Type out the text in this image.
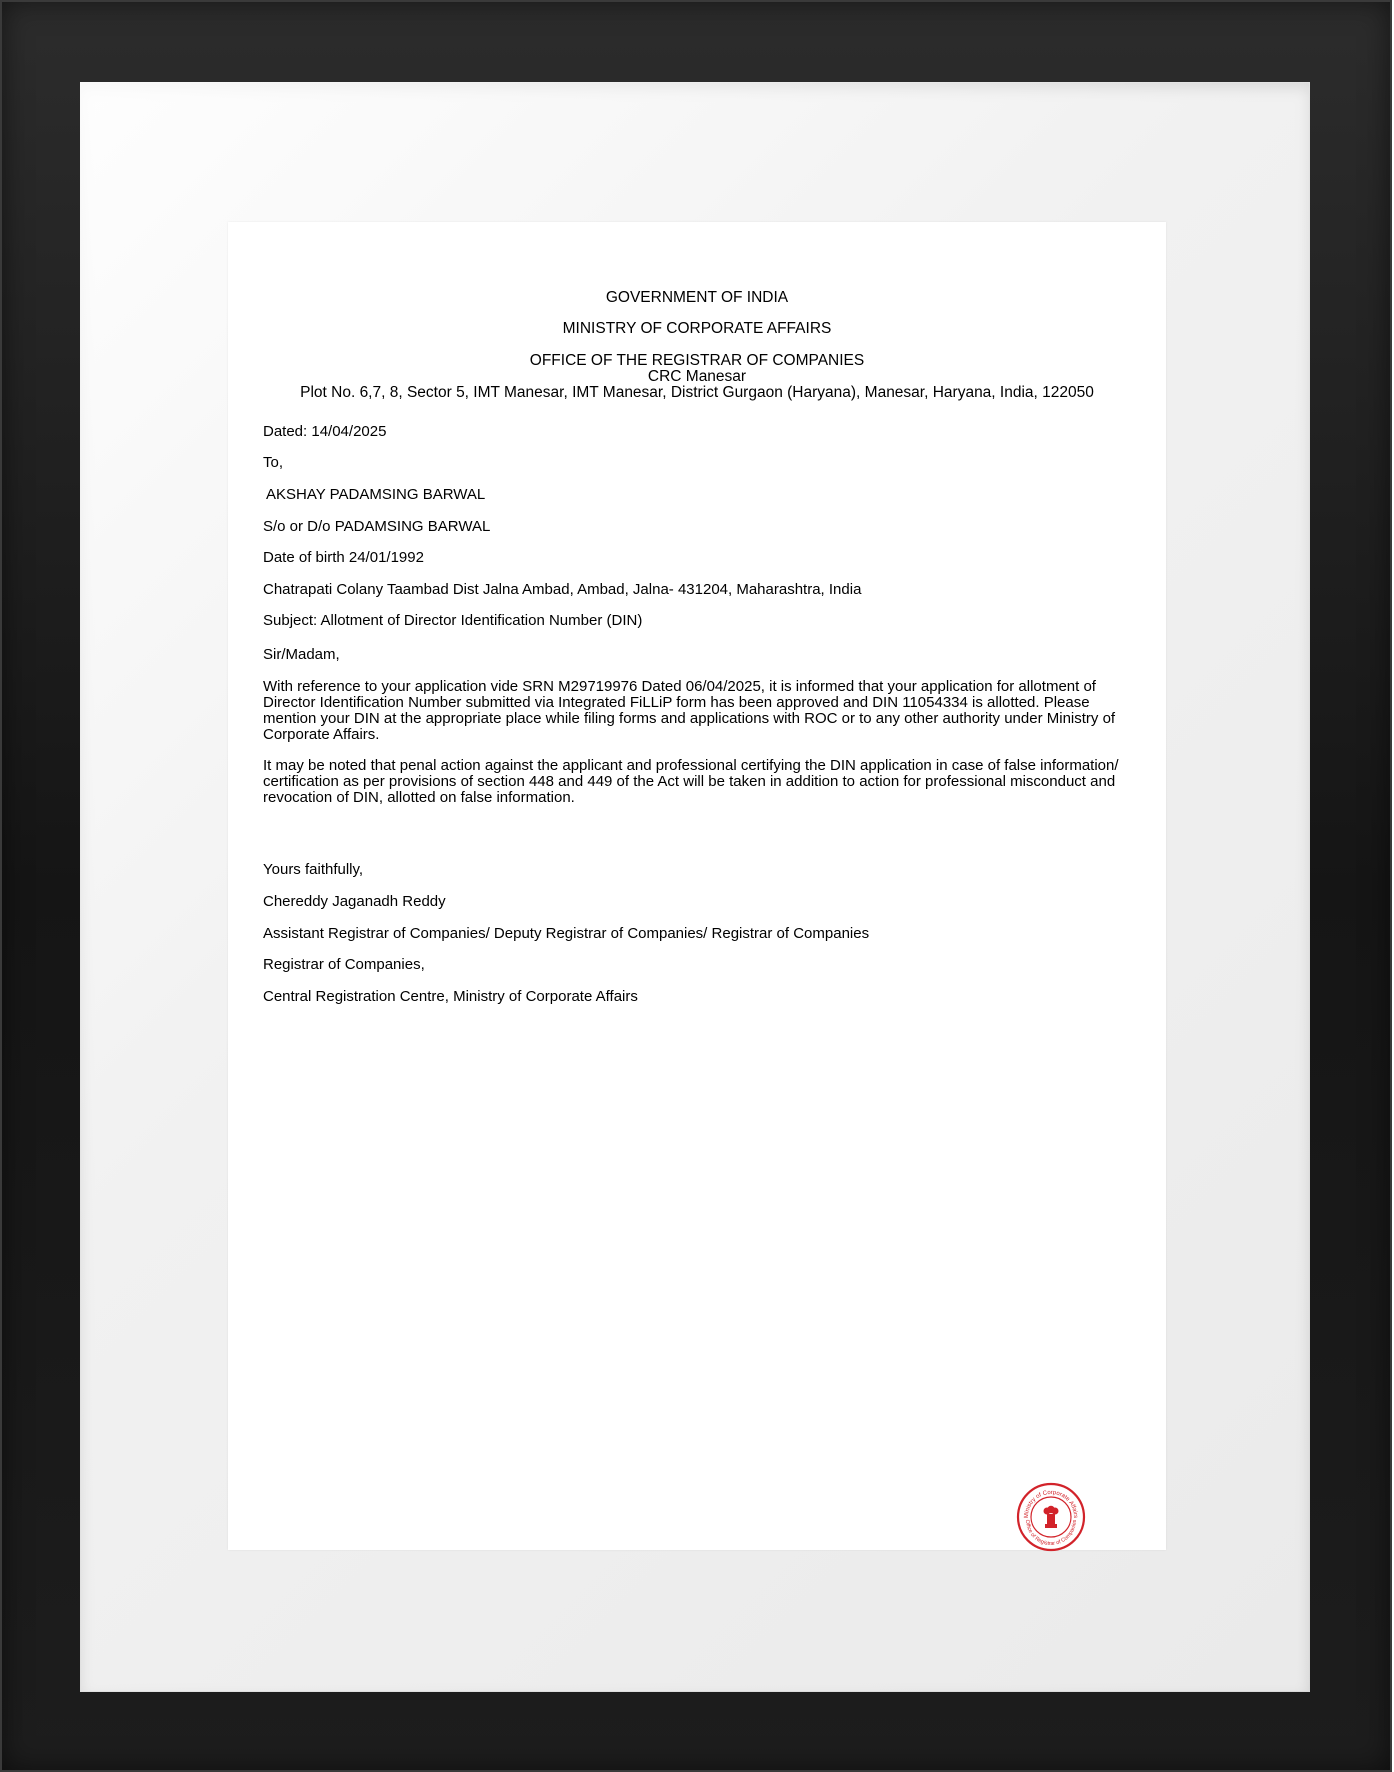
GOVERNMENT OF INDIA
MINISTRY OF CORPORATE AFFAIRS
OFFICE OF THE REGISTRAR OF COMPANIES
CRC Manesar
Plot No. 6,7, 8, Sector 5, IMT Manesar, IMT Manesar, District Gurgaon (Haryana), Manesar, Haryana, India, 122050
Dated: 14/04/2025
To,
AKSHAY PADAMSING BARWAL
S/o or D/o PADAMSING BARWAL
Date of birth 24/01/1992
Chatrapati Colany Taambad Dist Jalna Ambad, Ambad, Jalna- 431204, Maharashtra, India
Subject: Allotment of Director Identification Number (DIN)
Sir/Madam,
With reference to your application vide SRN M29719976 Dated 06/04/2025, it is informed that your application for allotment of Director Identification Number submitted via Integrated FiLLiP form has been approved and DIN 11054334 is allotted. Please mention your DIN at the appropriate place while filing forms and applications with ROC or to any other authority under Ministry of Corporate Affairs.
It may be noted that penal action against the applicant and professional certifying the DIN application in case of false information/ certification as per provisions of section 448 and 449 of the Act will be taken in addition to action for professional misconduct and revocation of DIN, allotted on false information.
Yours faithfully,
Chereddy Jaganadh Reddy
Assistant Registrar of Companies/ Deputy Registrar of Companies/ Registrar of Companies
Registrar of Companies,
Central Registration Centre, Ministry of Corporate Affairs
Ministry of Corporate Affairs
Office of Registrar of Companies
